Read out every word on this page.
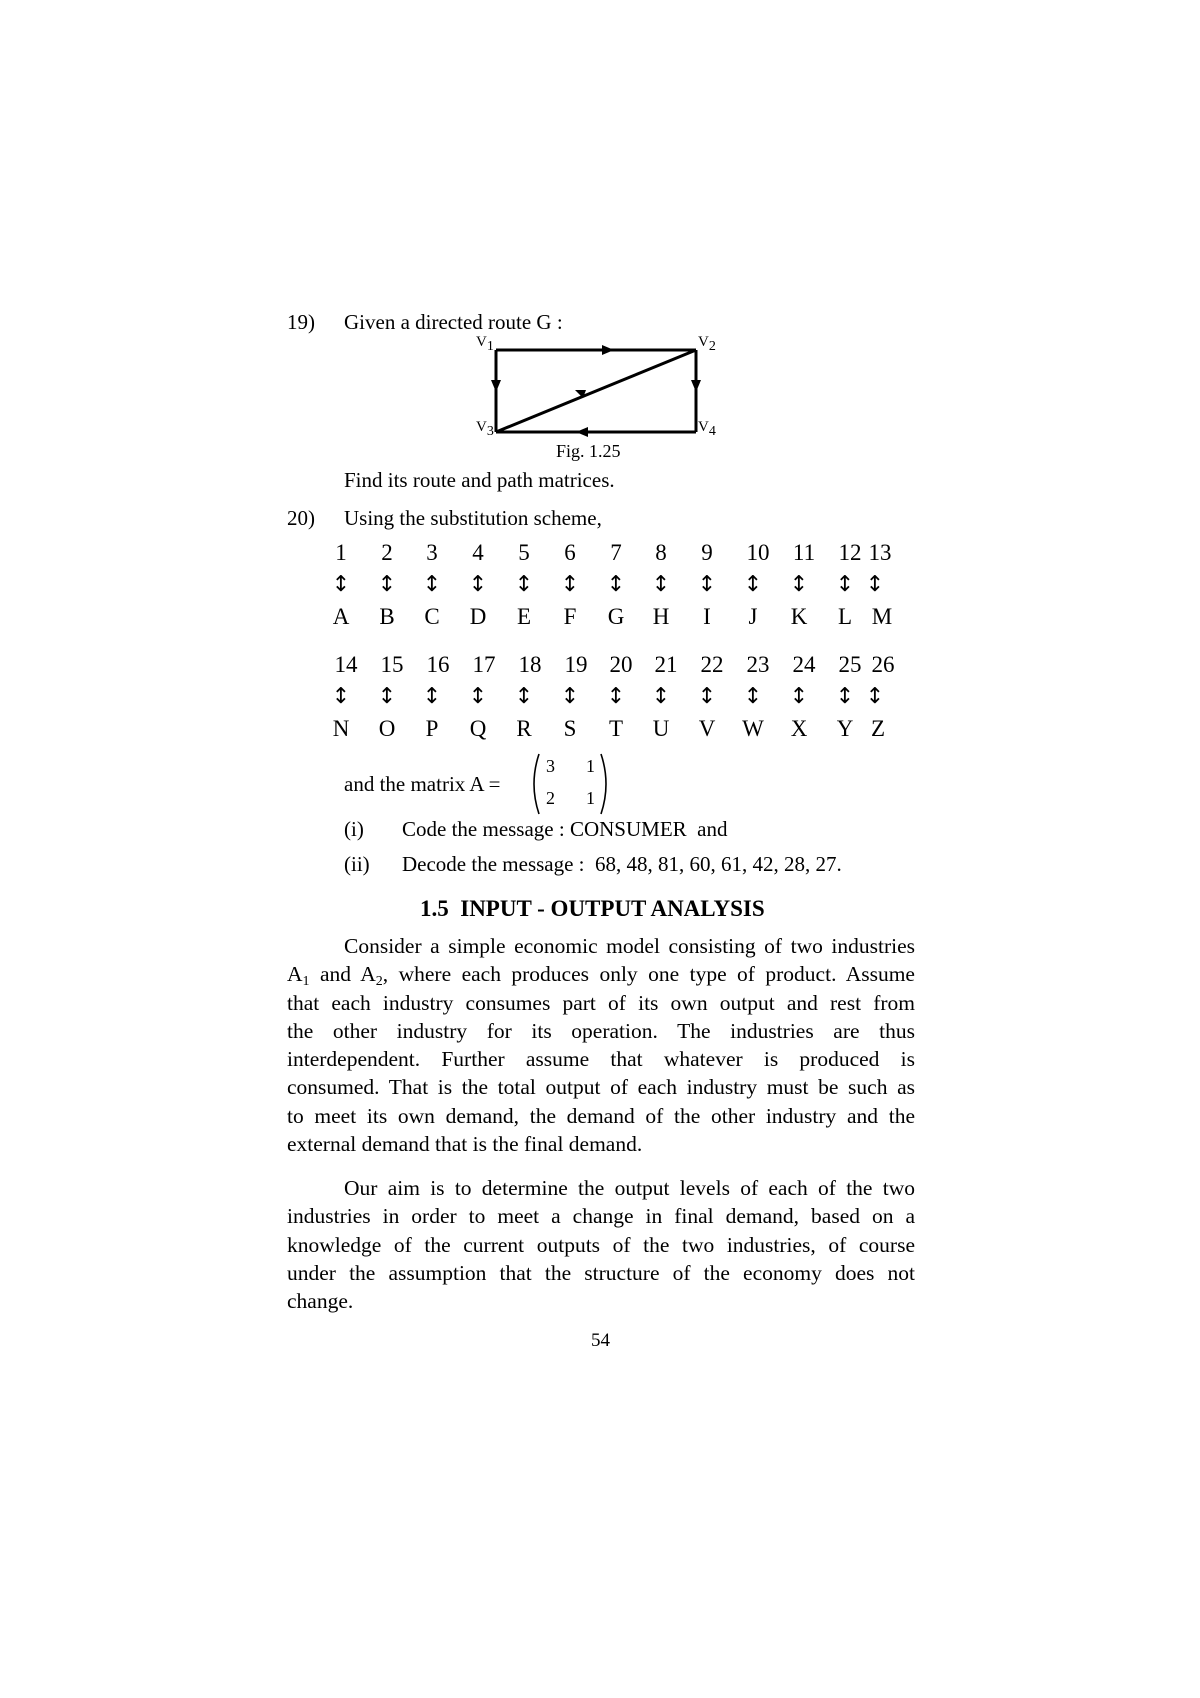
19) Given a directed route G :
$V_1$	$V_2$
$V_3$	$V_4$
Fig. 1.25
Find its route and path matrices.
20) Using the substitution scheme,
1 2 3 4 5 6 7 8 9 10 11 12 13
↕ ↕ ↕ ↕ ↕ ↕ ↕ ↕ ↕ ↕ ↕ ↕ ↕
A B C D E F G H I J K L M
14 15 16 17 18 19 20 21 22 23 24 25 26
↕ ↕ ↕ ↕ ↕ ↕ ↕ ↕ ↕ ↕ ↕ ↕ ↕
N O P Q R S T U V W X Y Z
and the matrix A =
3 1
2 1
(i) Code the message : CONSUMER  and
(ii) Decode the message :  68, 48, 81, 60, 61, 42, 28, 27.
1.5  INPUT - OUTPUT ANALYSIS
Consider a simple economic model consisting of two industries
$A_1$ and $A_2$, where each produces only one type of product. Assume
that each industry consumes part of its own output and rest from
the other industry for its operation. The industries are thus
interdependent. Further assume that whatever is produced is
consumed. That is the total output of each industry must be such as
to meet its own demand, the demand of the other industry and the
external demand that is the final demand.
Our aim is to determine the output levels of each of the two
industries in order to meet a change in final demand, based on a
knowledge of the current outputs of the two industries, of course
under the assumption that the structure of the economy does not
change.
54
